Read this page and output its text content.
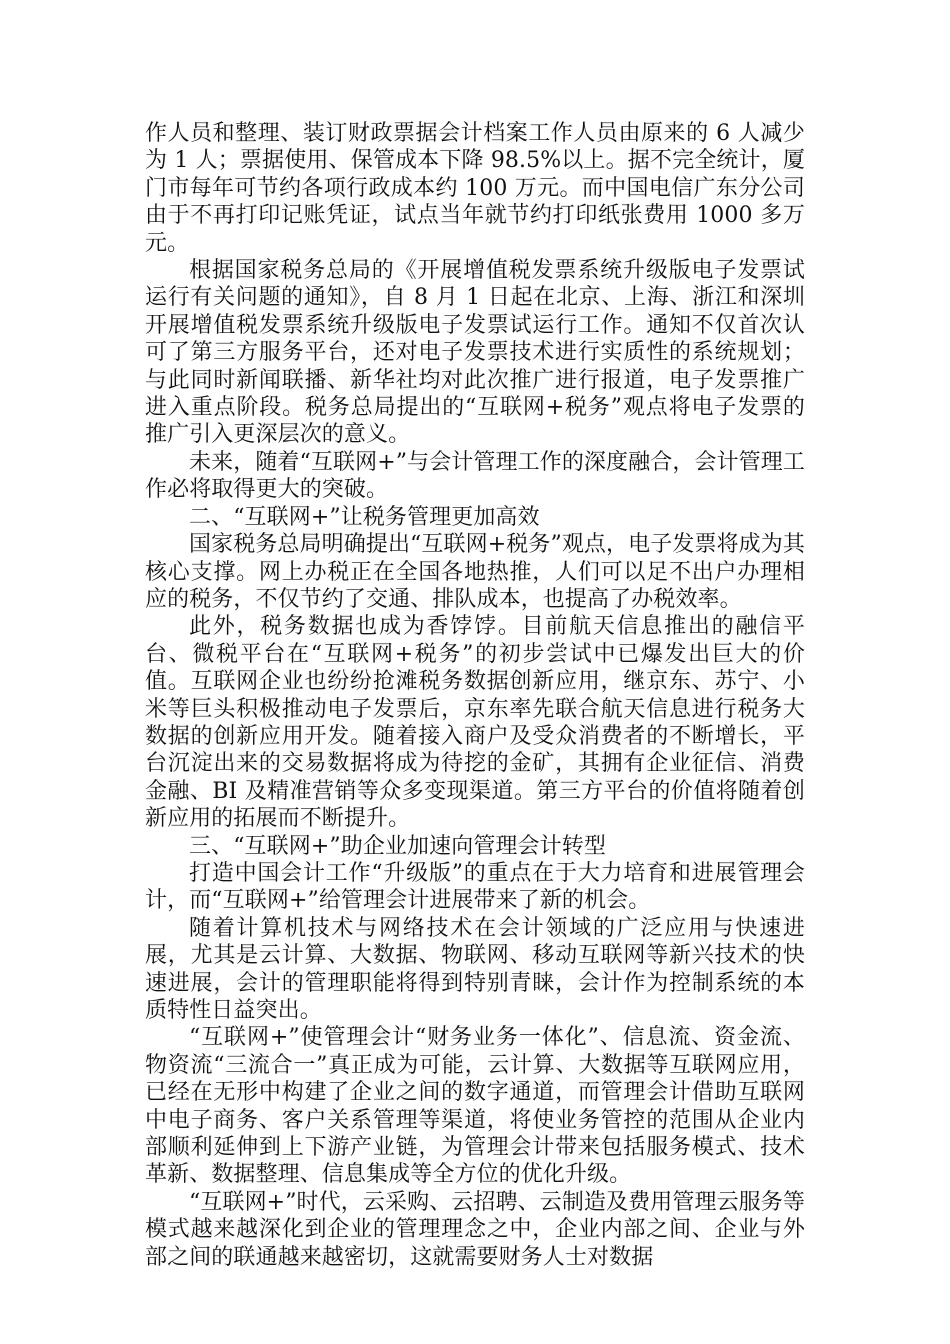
作人员和整理、装订财政票据会计档案工作人员由原来的 6 人减少为 1 人；票据使用、保管成本下降 98.5%以上。据不完全统计，厦门市每年可节约各项行政成本约 100 万元。而中国电信广东分公司由于不再打印记账凭证，试点当年就节约打印纸张费用 1000 多万元。

根据国家税务总局的《开展增值税发票系统升级版电子发票试运行有关问题的通知》，自 8 月 1 日起在北京、上海、浙江和深圳开展增值税发票系统升级版电子发票试运行工作。通知不仅首次认可了第三方服务平台，还对电子发票技术进行实质性的系统规划；与此同时新闻联播、新华社均对此次推广进行报道，电子发票推广进入重点阶段。税务总局提出的“互联网+税务”观点将电子发票的推广引入更深层次的意义。

未来，随着“互联网+”与会计管理工作的深度融合，会计管理工作必将取得更大的突破。

二、“互联网+”让税务管理更加高效

国家税务总局明确提出“互联网+税务”观点，电子发票将成为其核心支撑。网上办税正在全国各地热推，人们可以足不出户办理相应的税务，不仅节约了交通、排队成本，也提高了办税效率。

此外，税务数据也成为香饽饽。目前航天信息推出的融信平台、微税平台在“互联网+税务”的初步尝试中已爆发出巨大的价值。互联网企业也纷纷抢滩税务数据创新应用，继京东、苏宁、小米等巨头积极推动电子发票后，京东率先联合航天信息进行税务大数据的创新应用开发。随着接入商户及受众消费者的不断增长，平台沉淀出来的交易数据将成为待挖的金矿，其拥有企业征信、消费金融、BI 及精准营销等众多变现渠道。第三方平台的价值将随着创新应用的拓展而不断提升。

三、“互联网+”助企业加速向管理会计转型

打造中国会计工作“升级版”的重点在于大力培育和进展管理会计，而“互联网+”给管理会计进展带来了新的机会。

随着计算机技术与网络技术在会计领域的广泛应用与快速进展，尤其是云计算、大数据、物联网、移动互联网等新兴技术的快速进展，会计的管理职能将得到特别青睐，会计作为控制系统的本质特性日益突出。

“互联网+”使管理会计“财务业务一体化”、信息流、资金流、物资流“三流合一”真正成为可能，云计算、大数据等互联网应用，已经在无形中构建了企业之间的数字通道，而管理会计借助互联网中电子商务、客户关系管理等渠道，将使业务管控的范围从企业内部顺利延伸到上下游产业链，为管理会计带来包括服务模式、技术革新、数据整理、信息集成等全方位的优化升级。

“互联网+”时代，云采购、云招聘、云制造及费用管理云服务等模式越来越深化到企业的管理理念之中，企业内部之间、企业与外部之间的联通越来越密切，这就需要财务人士对数据
